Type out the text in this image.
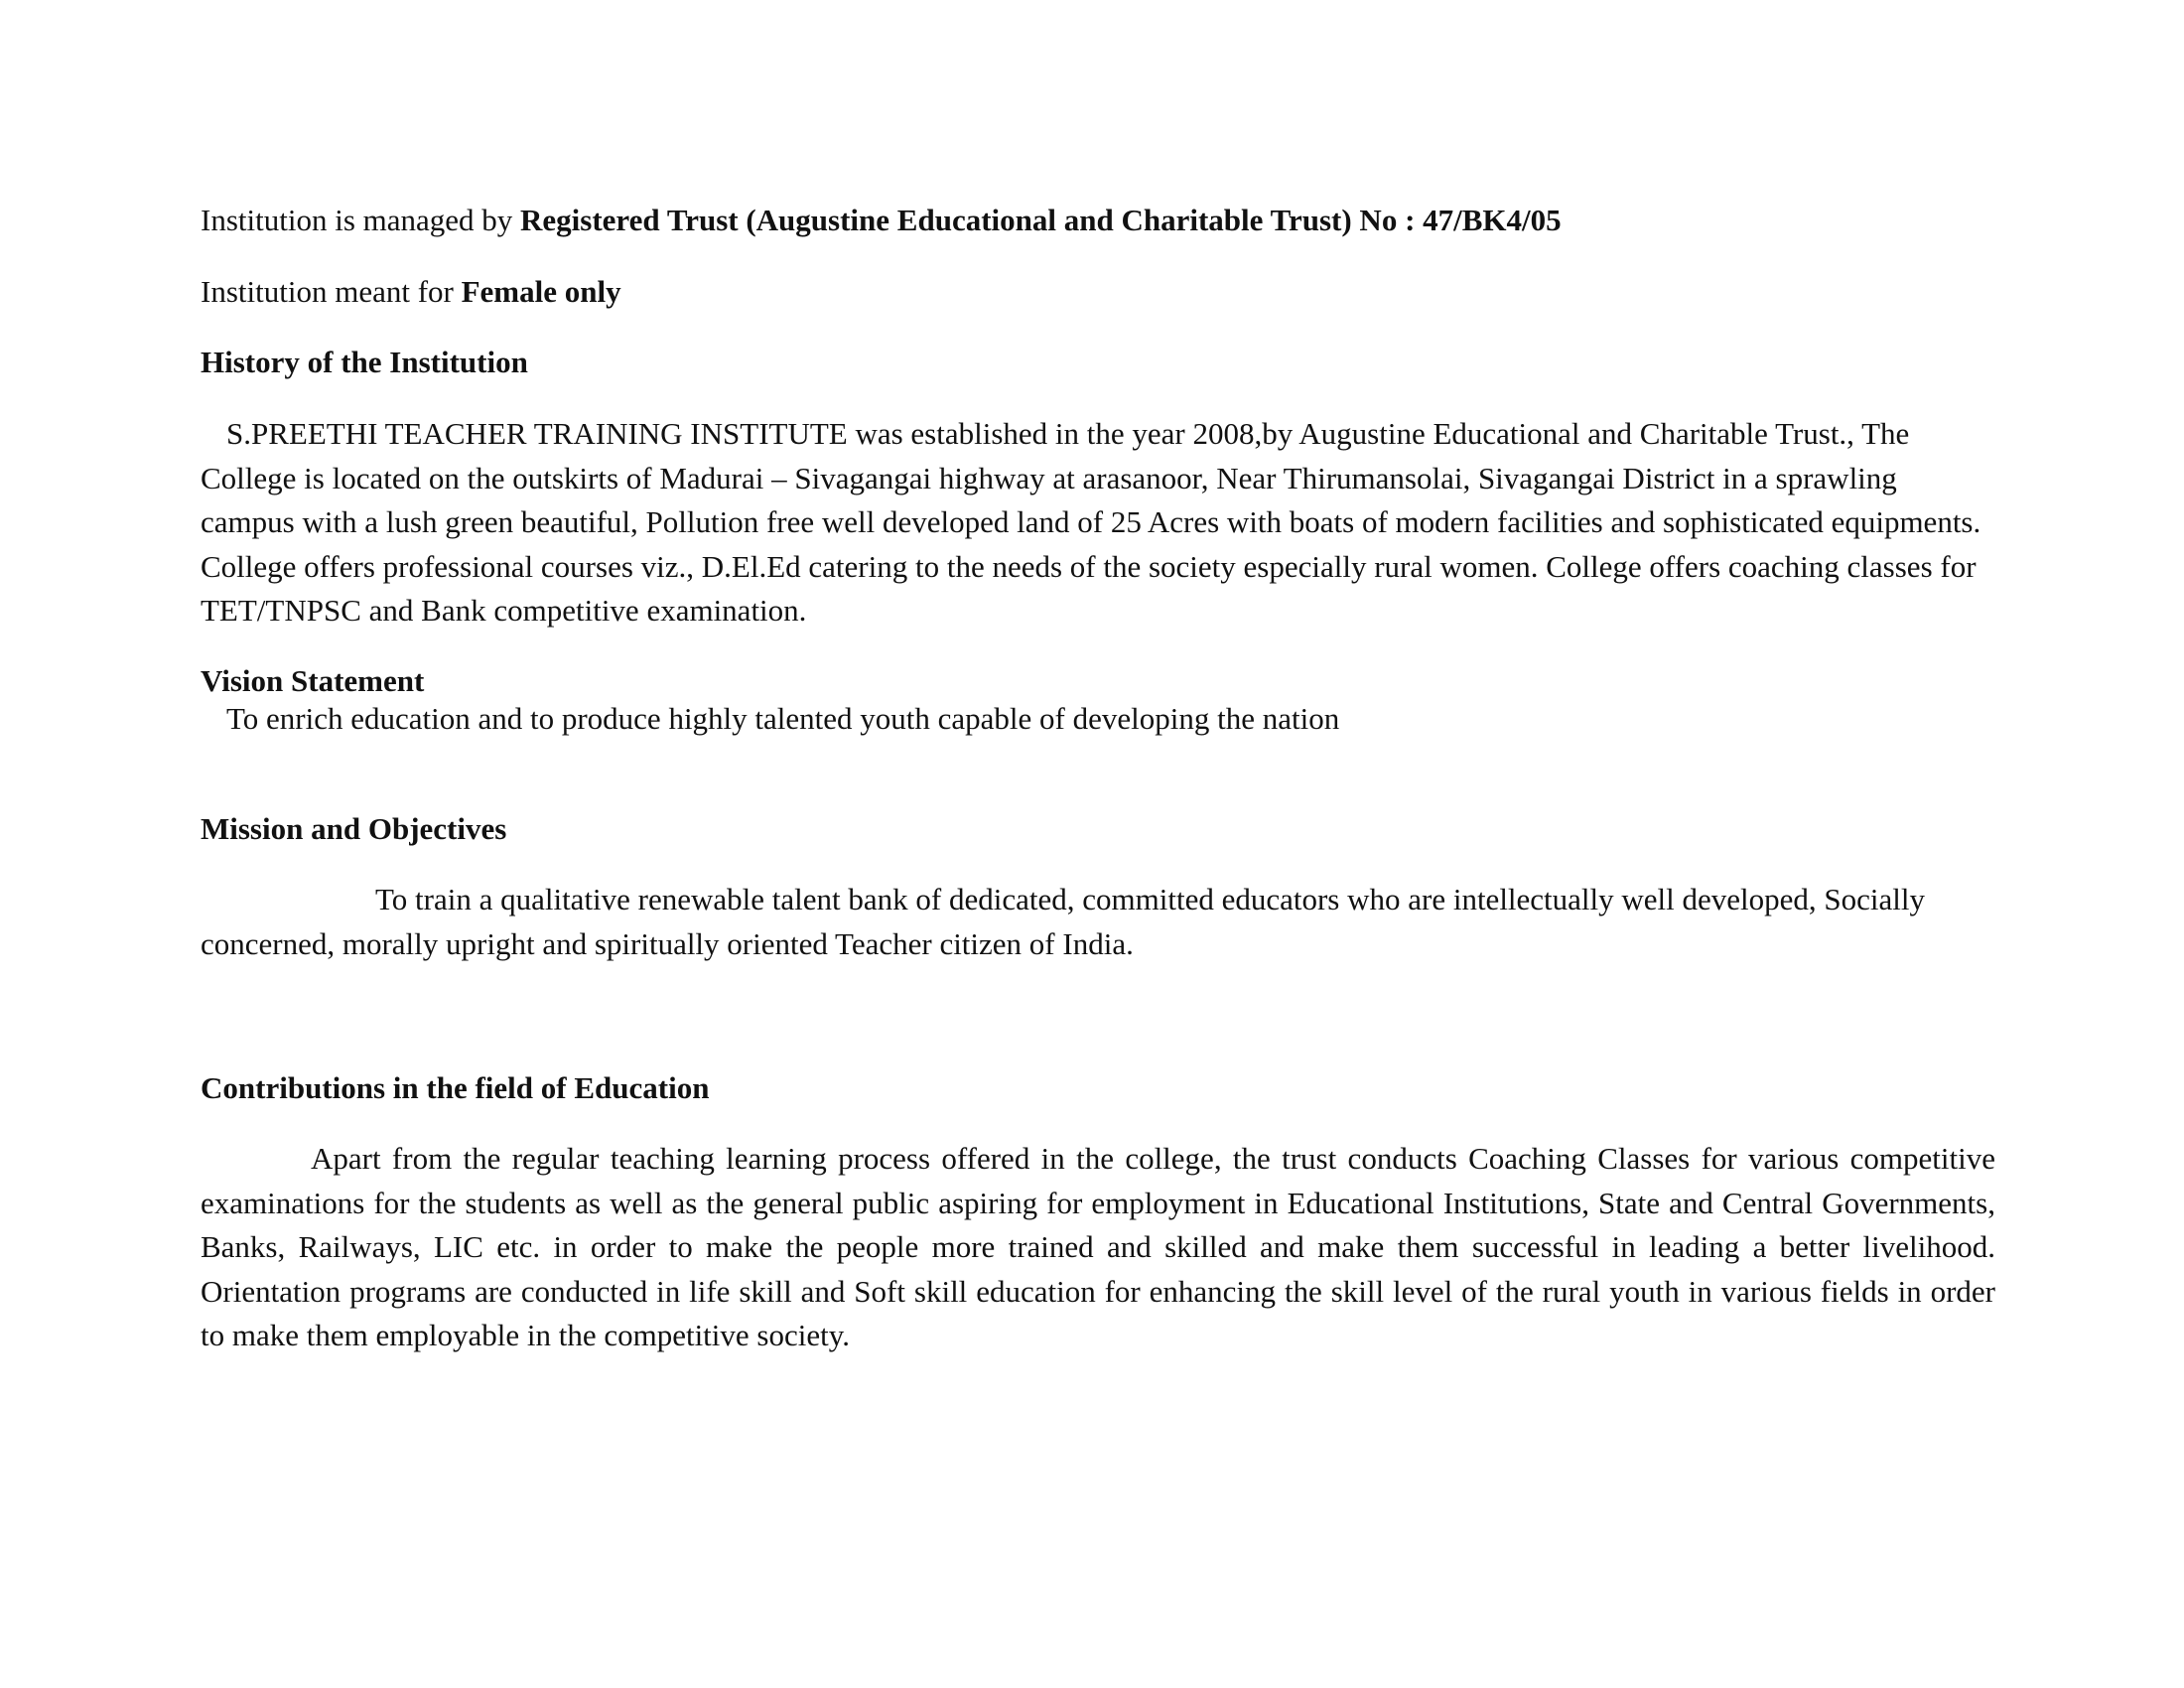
Institution is managed by Registered Trust (Augustine Educational and Charitable Trust) No : 47/BK4/05
Institution meant for Female only
History of the Institution

S.PREETHI TEACHER TRAINING INSTITUTE was established in the year 2008,by Augustine Educational and Charitable Trust., The College is located on the outskirts of Madurai – Sivagangai highway at arasanoor, Near Thirumansolai, Sivagangai District in a sprawling campus with a lush green beautiful, Pollution free well developed land of 25 Acres with boats of modern facilities and sophisticated equipments. College offers professional courses viz., D.El.Ed catering to the needs of the society especially rural women. College offers coaching classes for TET/TNPSC and Bank competitive examination.

Vision Statement

To enrich education and to produce highly talented youth capable of developing the nation

Mission and Objectives

To train a qualitative renewable talent bank of dedicated, committed educators who are intellectually well developed, Socially concerned, morally upright and spiritually oriented Teacher citizen of India.

Contributions in the field of Education

Apart from the regular teaching learning process offered in the college, the trust conducts Coaching Classes for various competitive examinations for the students as well as the general public aspiring for employment in Educational Institutions, State and Central Governments, Banks, Railways, LIC etc. in order to make the people more trained and skilled and make them successful in leading a better livelihood. Orientation programs are conducted in life skill and Soft skill education for enhancing the skill level of the rural youth in various fields in order to make them employable in the competitive society.
